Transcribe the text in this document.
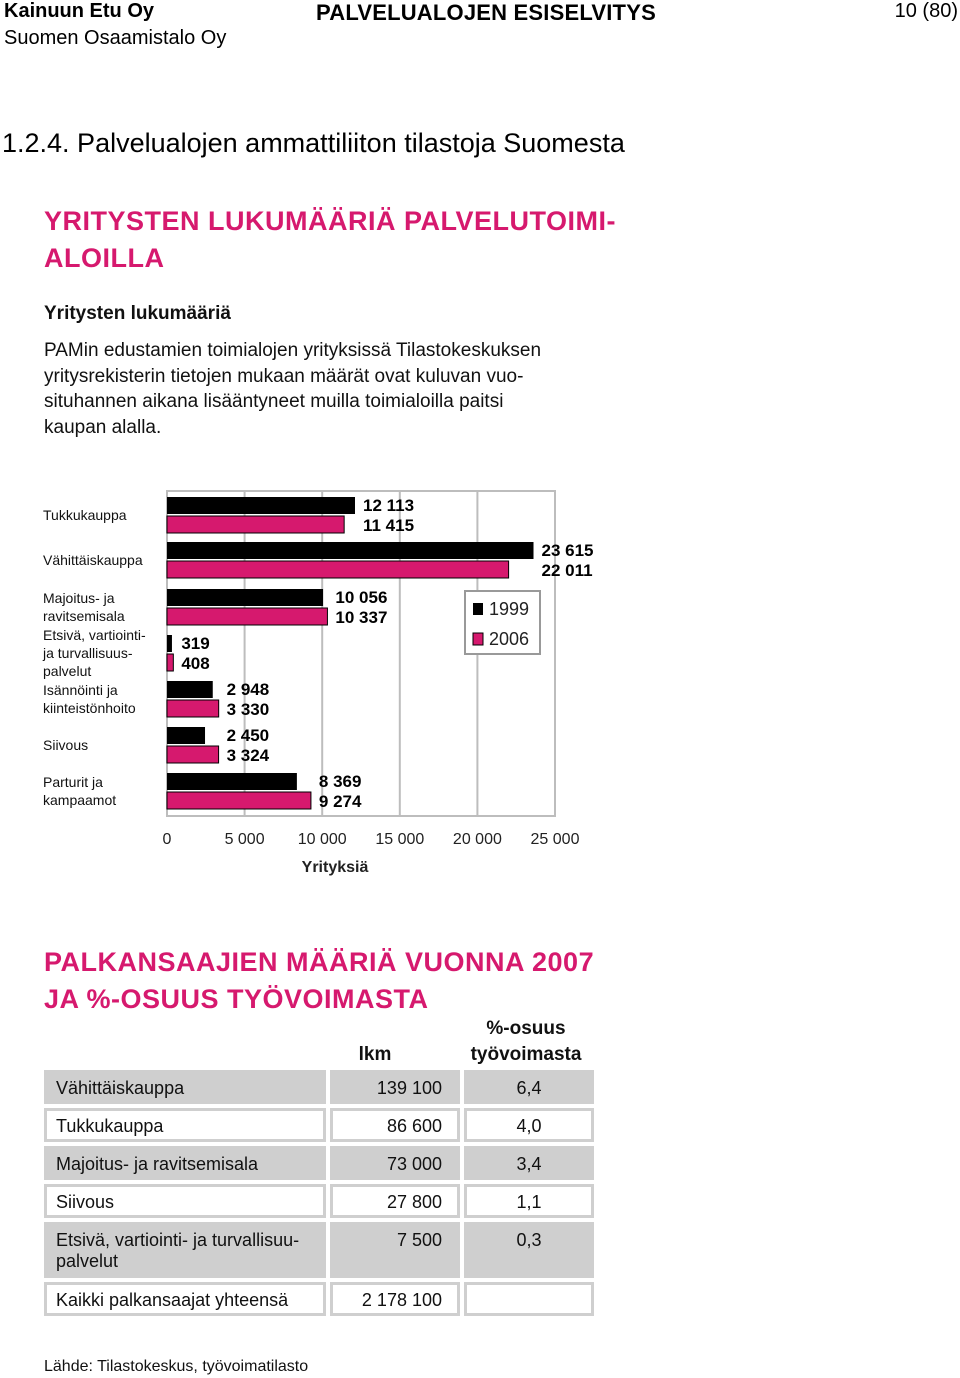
Kainuun Etu Oy
Suomen Osaamistalo Oy
PALVELUALOJEN ESISELVITYS	10 (80)
1.2.4. Palvelualojen ammattiliiton tilastoja Suomesta
YRITYSTEN LUKUMÄÄRIÄ PALVELUTOIMI-
ALOILLA
Yritysten lukumääriä
PAMin edustamien toimialojen yrityksissä Tilastokeskuksen
yritysrekisterin tietojen mukaan määrät ovat kuluvan vuo-
situhannen aikana lisääntyneet muilla toimialoilla paitsi
kaupan alalla.
12 113
11 415
Tukkukauppa
23 615
22 011
Vähittäiskauppa
10 056
10 337
Majoitus- ja
ravitsemisala
319
408
Etsivä, vartiointi-
ja turvallisuus-
palvelut
2 948
3 330
Isännöinti ja
kiinteistönhoito
2 450
3 324
Siivous
8 369
9 274
Parturit ja
kampaamot
0	5 000 10 000 15 000 20 000 25 000
Yrityksiä
1999
2006
PALKANSAAJIEN MÄÄRIÄ VUONNA 2007
JA %-OSUUS TYÖVOIMASTA
lkm
%-osuus
työvoimasta
Vähittäiskauppa	139 100	6,4
Tukkukauppa	86 600	4,0
Majoitus- ja ravitsemisala	73 000	3,4
Siivous	27 800	1,1
Etsivä, vartiointi- ja turvallisuu-
palvelut
7 500	0,3
Kaikki palkansaajat yhteensä	2 178 100
Lähde: Tilastokeskus, työvoimatilasto
